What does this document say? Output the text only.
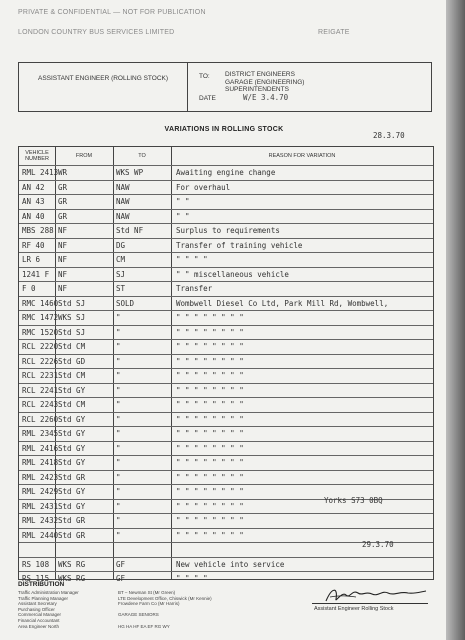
PRIVATE & CONFIDENTIAL — NOT FOR PUBLICATION
LONDON COUNTRY BUS SERVICES LIMITED	REIGATE
ASSISTANT ENGINEER (ROLLING STOCK)	TO: DISTRICT ENGINEERS
GARAGE (ENGINEERING)
SUPERINTENDENTS
DATE	W/E 3.4.70
VARIATIONS IN ROLLING STOCK
28.3.70
VEHICLE NUMBER	FROM	TO	REASON FOR VARIATION
RML 2413 WR	WKS WP	Awaiting engine change
AN 42 GR	NAW	For overhaul
AN 43 GR	NAW	" "
AN 40 GR	NAW	" "
MBS 288 NF	Std NF	Surplus to requirements
RF 40 NF	DG	Transfer of training vehicle
LR 6 NF	CM	" " " "
1241 F NF	SJ	" " miscellaneous vehicle
F 0	NF	ST	Transfer
RMC 1460 Std SJ	SOLD	Wombwell Diesel Co Ltd, Park Mill Rd, Wombwell,
RMC 1472 WKS SJ	"	" " " " " " " "
RMC 1520 Std SJ	"	" " " " " " " "
RCL 2220 Std CM	"	" " " " " " " "
RCL 2226 Std GD	"	" " " " " " " "
RCL 2231 Std CM	"	" " " " " " " "
RCL 2241 Std GY	"	" " " " " " " "
RCL 2243 Std CM	"	" " " " " " " "
RCL 2260 Std GY	"	" " " " " " " "
RML 2345 Std GY	"	" " " " " " " "
RML 2416 Std GY	"	" " " " " " " "
RML 2418 Std GY	"	" " " " " " " "
RML 2423 Std GR	"	" " " " " " " "
RML 2429 Std GY	"	" " " " " " " "
RML 2431 Std GY	"	" " " " " " " "
RML 2432 Std GR	"	" " " " " " " "
RML 2440 Std GR	"	" " " " " " " "
RS 108 WKS RG	GF	New vehicle into service
RS 115 WKS RG	GF	" " " "
Yorks S73 0BQ
29.3.70
DISTRIBUTION
Traffic Administration Manager
Traffic Planning Manager
Assistant Secretary
Purchasing Officer
Commercial Manager
Financial Accountant
Area Engineer North
BT – Newman St (Mr Green)
LTE Development Office, Chiswick (Mr Kennie)
Frowdene Farm Co (Mr Harris)

GARAGE SENIORS

HG HA HF EA EF RG WY
Assistant Engineer Rolling Stock
